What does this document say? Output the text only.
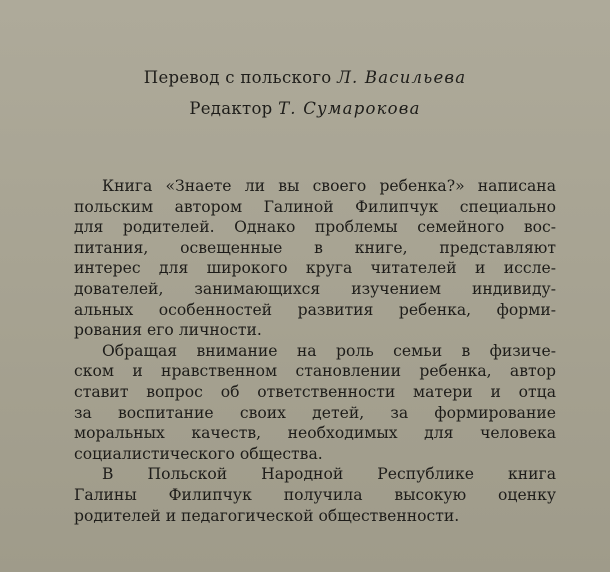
Перевод с польского Л. Васильева
Редактор Т. Сумарокова

Книга «Знаете ли вы своего ребенка?» написана
польским автором Галиной Филипчук специально
для родителей. Однако проблемы семейного вос-
питания, освещенные в книге, представляют
интерес для широкого круга читателей и иссле-
дователей, занимающихся изучением индивиду-
альных особенностей развития ребенка, форми-
рования его личности.

Обращая внимание на роль семьи в физиче-
ском и нравственном становлении ребенка, автор
ставит вопрос об ответственности матери и отца
за воспитание своих детей, за формирование
моральных качеств, необходимых для человека
социалистического общества.

В Польской Народной Республике книга
Галины Филипчук получила высокую оценку
родителей и педагогической общественности.
